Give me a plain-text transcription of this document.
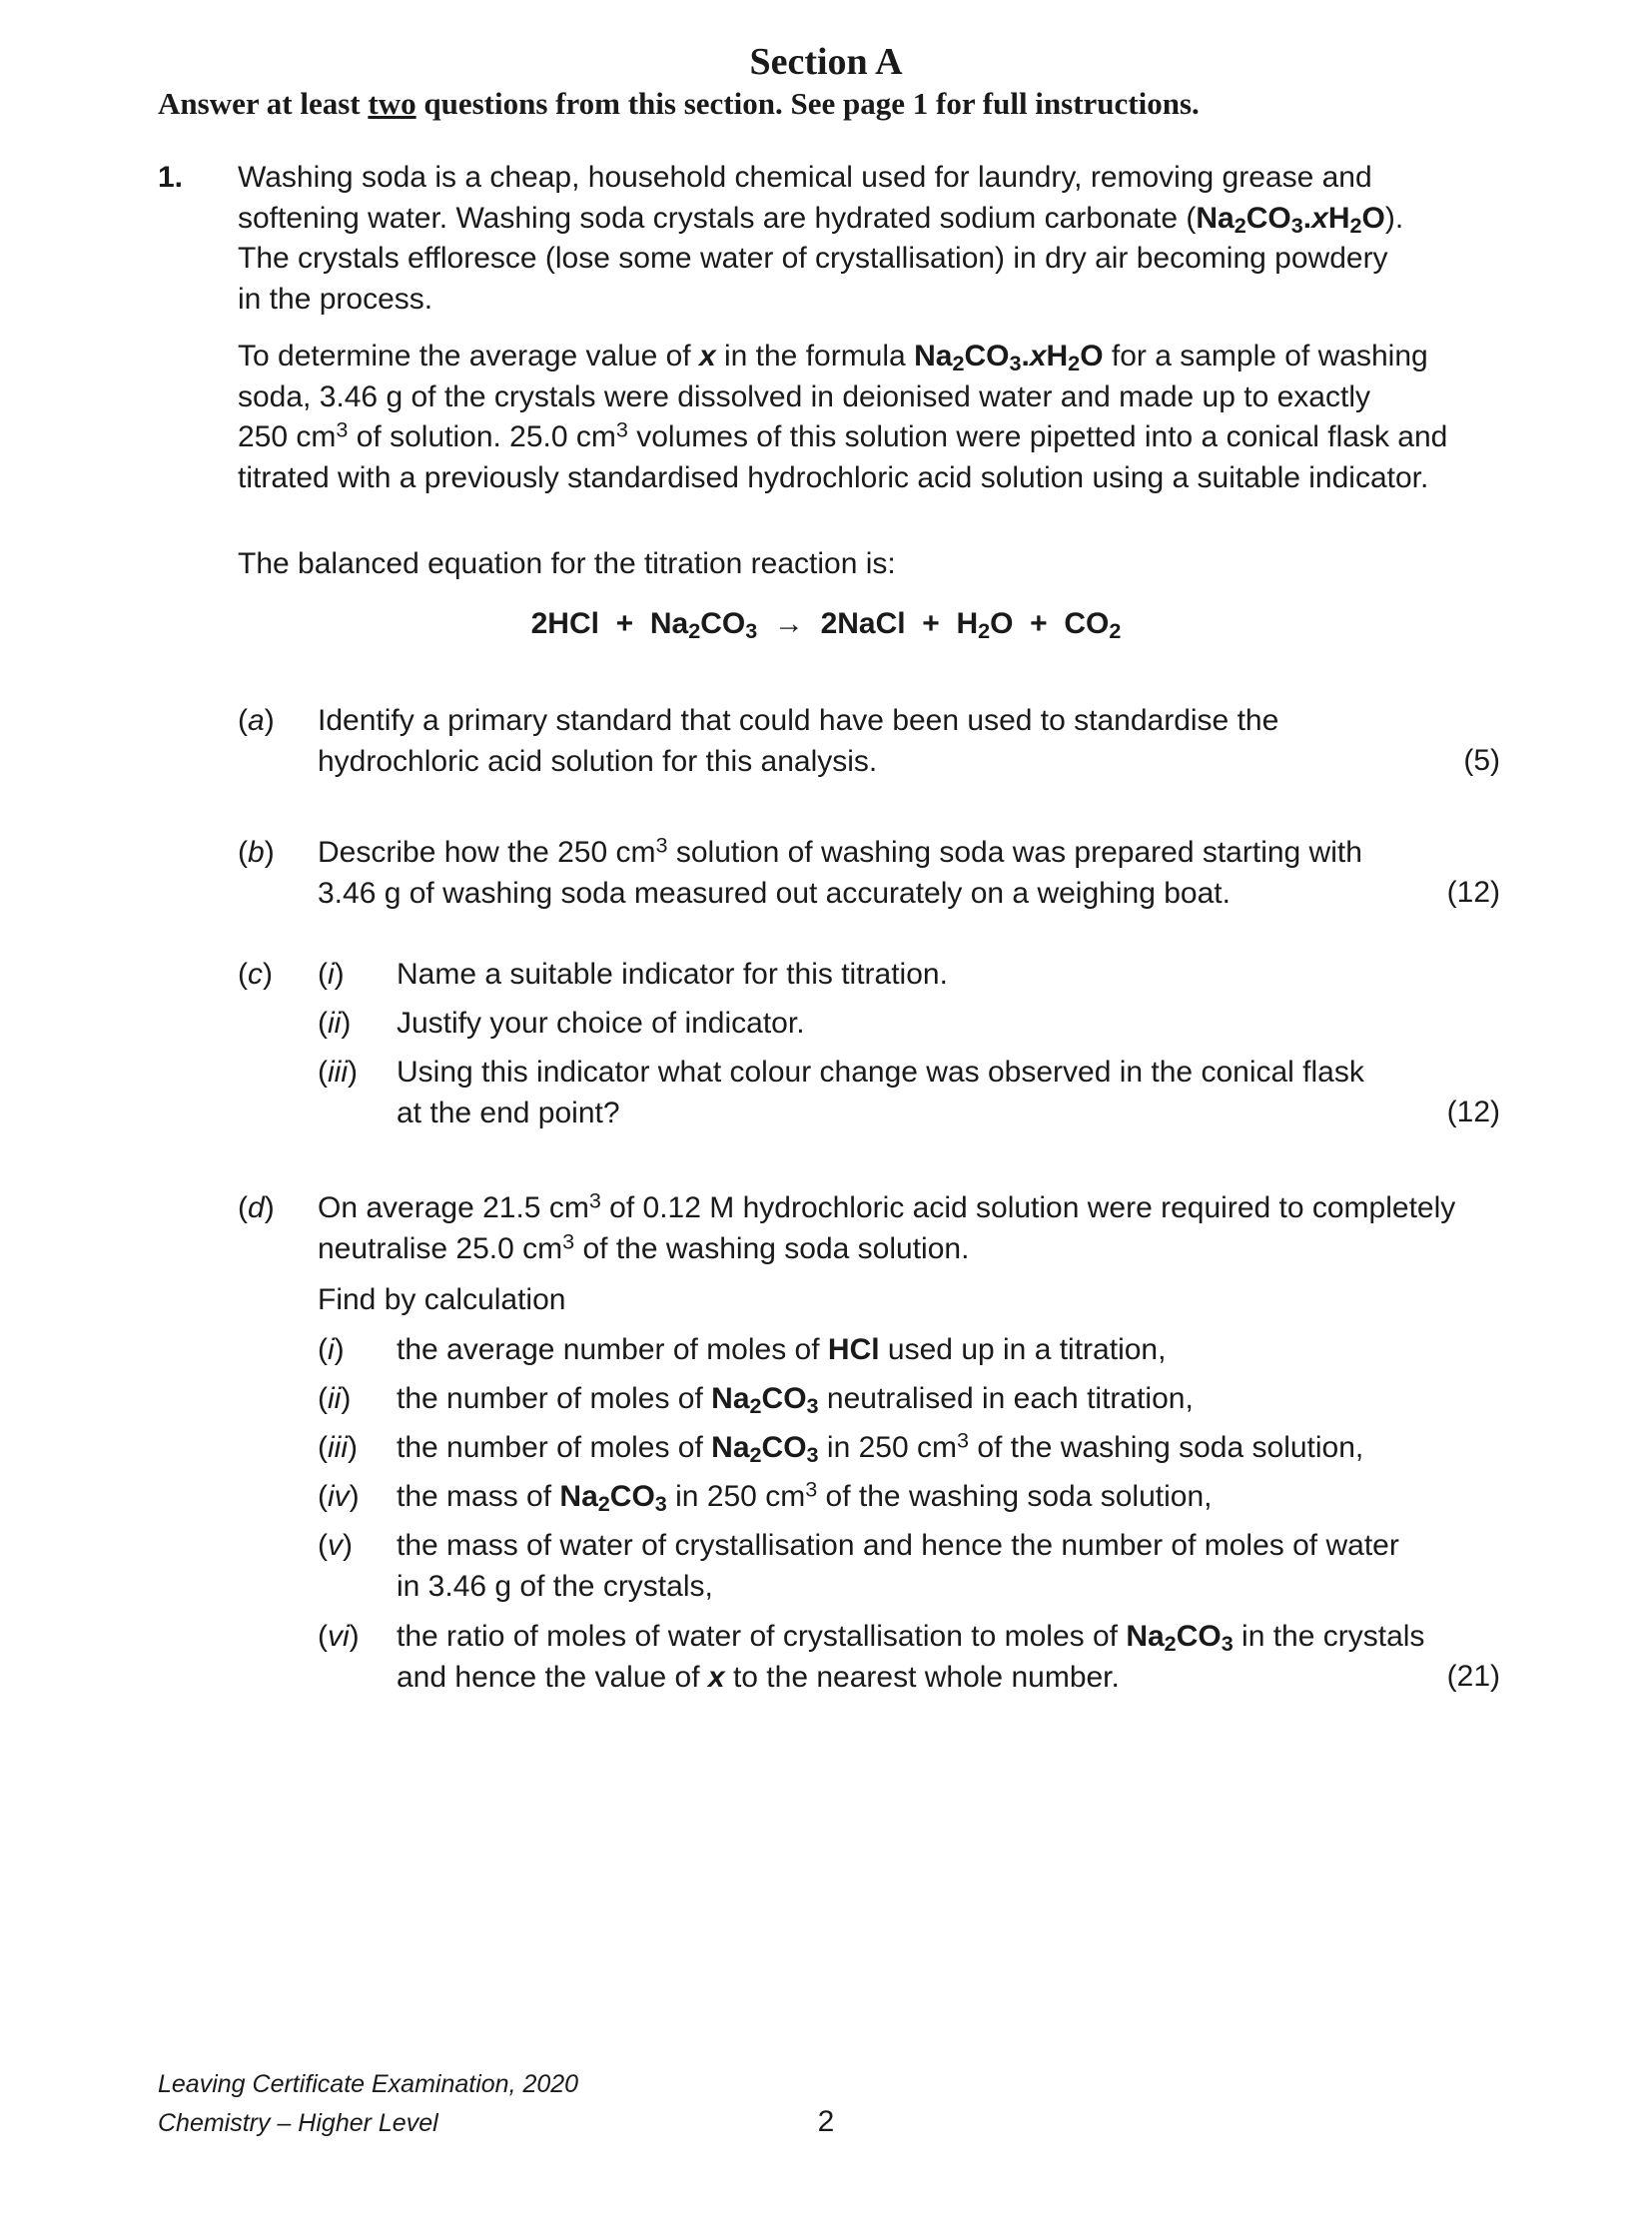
Section A
Answer at least two questions from this section. See page 1 for full instructions.
1. Washing soda is a cheap, household chemical used for laundry, removing grease and
softening water. Washing soda crystals are hydrated sodium carbonate $(Na_2CO_3.xH_2O)$.
The crystals effloresce (lose some water of crystallisation) in dry air becoming powdery
in the process.
To determine the average value of x in the formula $Na_2CO_3.xH_2O$ for a sample of washing
soda, 3.46 g of the crystals were dissolved in deionised water and made up to exactly
250 $cm^3$ of solution. 25.0 $cm^3$ volumes of this solution were pipetted into a conical flask and
titrated with a previously standardised hydrochloric acid solution using a suitable indicator.
The balanced equation for the titration reaction is:
$2HCl + Na_2CO_3$  →  2NaCl  +  $H_2O + CO_2$
(a) Identify a primary standard that could have been used to standardise the
hydrochloric acid solution for this analysis.	(5)
(b) Describe how the 250 $cm^3$ solution of washing soda was prepared starting with
3.46 g of washing soda measured out accurately on a weighing boat.	(12)
(c) (i) Name a suitable indicator for this titration.
(ii) Justify your choice of indicator.
(iii) Using this indicator what colour change was observed in the conical flask
at the end point?	(12)
(d) On average 21.5 $cm^3$ of 0.12 M hydrochloric acid solution were required to completely
neutralise 25.0 $cm^3$ of the washing soda solution.
Find by calculation
(i) the average number of moles of HCl used up in a titration,
(ii) the number of moles of $Na_2CO_3$ neutralised in each titration,
(iii) the number of moles of $Na_2CO_3$ in 250 $cm^3$ of the washing soda solution,
(iv) the mass of $Na_2CO_3$ in 250 $cm^3$ of the washing soda solution,
(v) the mass of water of crystallisation and hence the number of moles of water
in 3.46 g of the crystals,
(vi) the ratio of moles of water of crystallisation to moles of $Na_2CO_3$ in the crystals
and hence the value of x to the nearest whole number.	(21)
Leaving Certificate Examination, 2020
Chemistry – Higher Level	2
